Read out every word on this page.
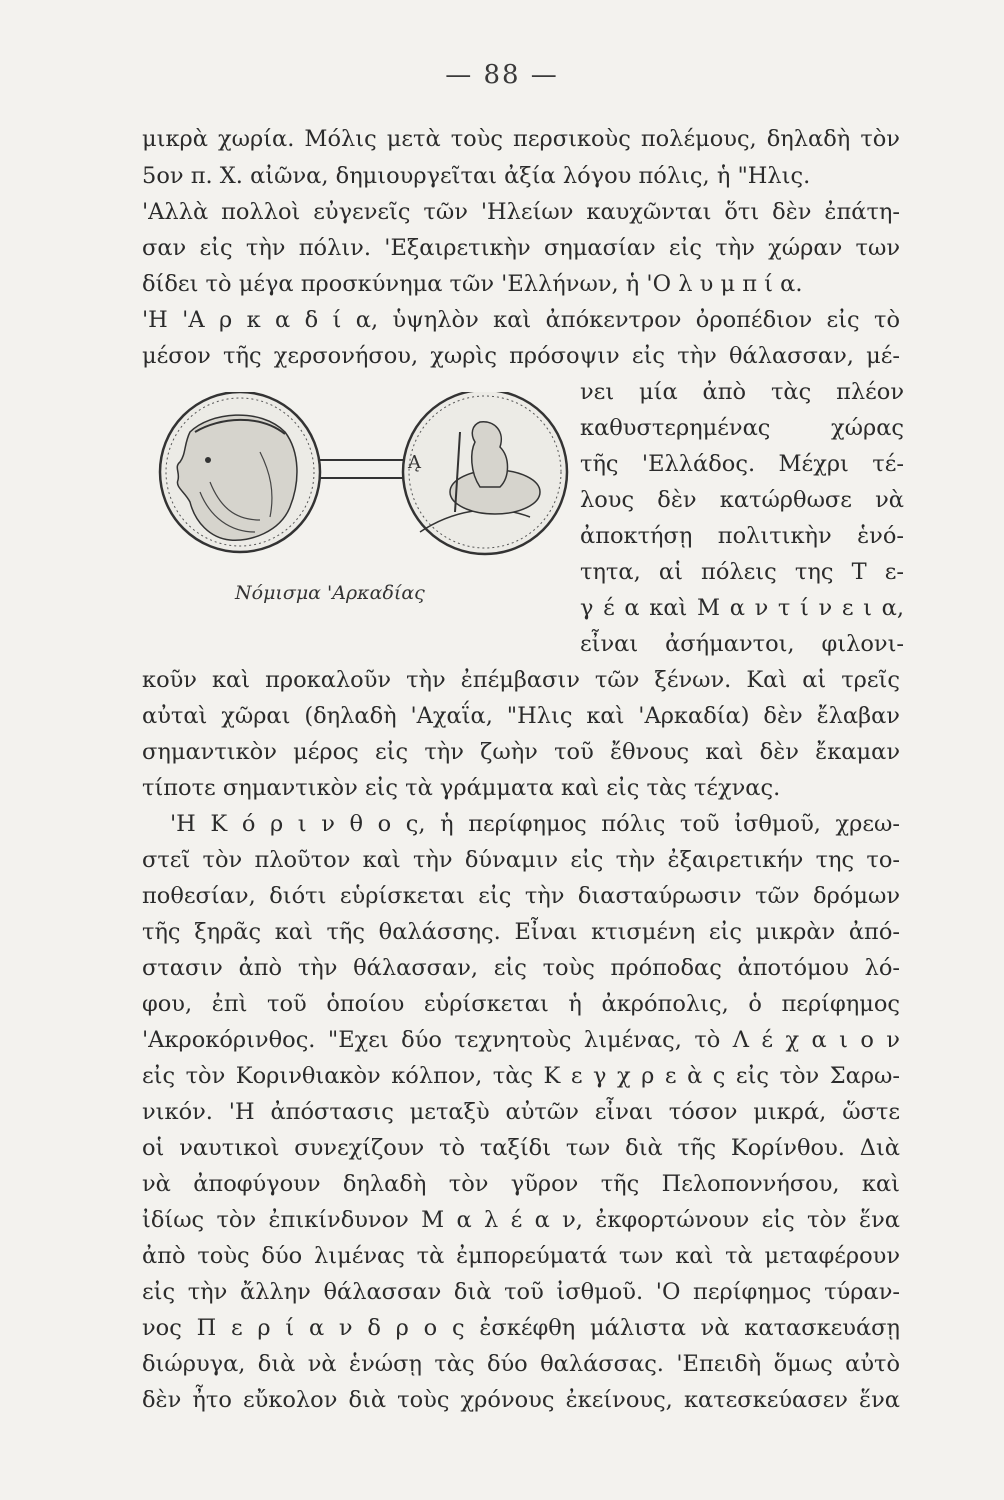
— 88 —
μικρὰ χωρία. Μόλις μετὰ τοὺς περσικοὺς πολέμους, δηλαδὴ τὸν
5ον π. Χ. αἰῶνα, δημιουργεῖται ἀξία λόγου πόλις, ἡ "Ηλις.
'Αλλὰ πολλοὶ εὐγενεῖς τῶν 'Ηλείων καυχῶνται ὅτι δὲν ἐπάτη-
σαν εἰς τὴν πόλιν. 'Εξαιρετικὴν σημασίαν εἰς τὴν χώραν των
δίδει τὸ μέγα προσκύνημα τῶν 'Ελλήνων, ἡ 'Ο λ υ μ π ί α.
'Η 'Α ρ κ α δ ί α, ὑψηλὸν καὶ ἀπόκεντρον ὀροπέδιον εἰς τὸ
μέσον τῆς χερσονήσου, χωρὶς πρόσοψιν εἰς τὴν θάλασσαν, μέ-
Ą
Νόμισμα 'Αρκαδίας
νει μία ἀπὸ τὰς πλέον
καθυστερημένας χώρας
τῆς 'Ελλάδος. Μέχρι τέ-
λους δὲν κατώρθωσε νὰ
ἀποκτήσῃ πολιτικὴν ἑνό-
τητα, αἱ πόλεις της Τ ε-
γ έ α καὶ Μ α ν τ ί ν ε ι α,
εἶναι ἀσήμαντοι, φιλονι-
κοῦν καὶ προκαλοῦν τὴν ἐπέμβασιν τῶν ξένων. Καὶ αἱ τρεῖς
αὐταὶ χῶραι (δηλαδὴ 'Αχαΐα, "Ηλις καὶ 'Αρκαδία) δὲν ἔλαβαν
σημαντικὸν μέρος εἰς τὴν ζωὴν τοῦ ἔθνους καὶ δὲν ἔκαμαν
τίποτε σημαντικὸν εἰς τὰ γράμματα καὶ εἰς τὰς τέχνας.
'Η Κ ό ρ ι ν θ ο ς, ἡ περίφημος πόλις τοῦ ἰσθμοῦ, χρεω-
στεῖ τὸν πλοῦτον καὶ τὴν δύναμιν εἰς τὴν ἐξαιρετικήν της το-
ποθεσίαν, διότι εὑρίσκεται εἰς τὴν διασταύρωσιν τῶν δρόμων
τῆς ξηρᾶς καὶ τῆς θαλάσσης. Εἶναι κτισμένη εἰς μικρὰν ἀπό-
στασιν ἀπὸ τὴν θάλασσαν, εἰς τοὺς πρόποδας ἀποτόμου λό-
φου, ἐπὶ τοῦ ὁποίου εὑρίσκεται ἡ ἀκρόπολις, ὁ περίφημος
'Ακροκόρινθος. "Εχει δύο τεχνητοὺς λιμένας, τὸ Λ έ χ α ι ο ν
εἰς τὸν Κορινθιακὸν κόλπον, τὰς Κ ε γ χ ρ ε ὰ ς εἰς τὸν Σαρω-
νικόν. 'Η ἀπόστασις μεταξὺ αὐτῶν εἶναι τόσον μικρά, ὥστε
οἱ ναυτικοὶ συνεχίζουν τὸ ταξίδι των διὰ τῆς Κορίνθου. Διὰ
νὰ ἀποφύγουν δηλαδὴ τὸν γῦρον τῆς Πελοποννήσου, καὶ
ἰδίως τὸν ἐπικίνδυνον Μ α λ έ α ν, ἐκφορτώνουν εἰς τὸν ἕνα
ἀπὸ τοὺς δύο λιμένας τὰ ἐμπορεύματά των καὶ τὰ μεταφέρουν
εἰς τὴν ἄλλην θάλασσαν διὰ τοῦ ἰσθμοῦ. 'Ο περίφημος τύραν-
νος Π ε ρ ί α ν δ ρ ο ς ἐσκέφθη μάλιστα νὰ κατασκευάσῃ
διώρυγα, διὰ νὰ ἑνώσῃ τὰς δύο θαλάσσας. 'Επειδὴ ὅμως αὐτὸ
δὲν ἦτο εὔκολον διὰ τοὺς χρόνους ἐκείνους, κατεσκεύασεν ἕνα
